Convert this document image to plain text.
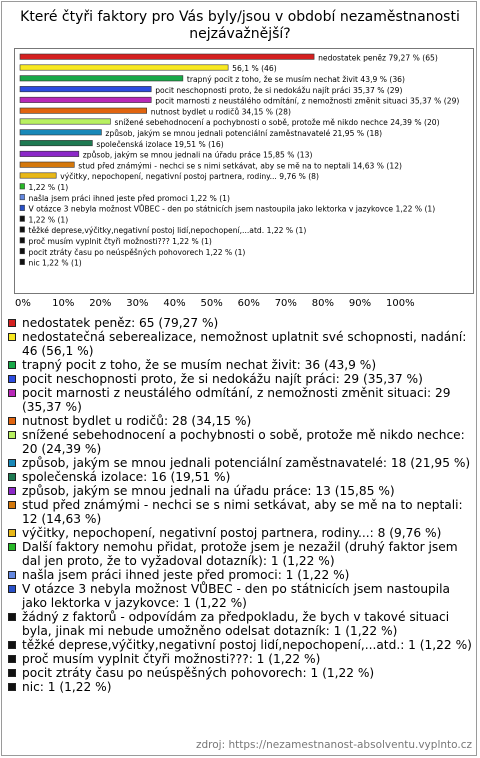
Které čtyři faktory pro Vás byly/jsou v období nezaměstnanosti nejzávažnější?
nedostatek peněz 79,27 % (65)
56,1 % (46)
trapný pocit z toho, že se musím nechat živit 43,9 % (36)
pocit neschopnosti proto, že si nedokážu najít práci 35,37 % (29)
pocit marnosti z neustálého odmítání, z nemožnosti změnit situaci 35,37 % (29)
nutnost bydlet u rodičů 34,15 % (28)
snížené sebehodnocení a pochybnosti o sobě, protože mě nikdo nechce 24,39 % (20)
způsob, jakým se mnou jednali potenciální zaměstnavatelé 21,95 % (18)
společenská izolace 19,51 % (16)
způsob, jakým se mnou jednali na úřadu práce 15,85 % (13)
stud před známými - nechci se s nimi setkávat, aby se mě na to neptali 14,63 % (12)
výčitky, nepochopení, negativní postoj partnera, rodiny... 9,76 % (8)
1,22 % (1)
našla jsem práci ihned jeste před promoci 1,22 % (1)
V otázce 3 nebyla možnost VŮBEC - den po státnicích jsem nastoupila jako lektorka v jazykovce 1,22 % (1)
1,22 % (1)
těžké deprese,výčitky,negativní postoj lidí,nepochopení,...atd. 1,22 % (1)
proč musím vyplnit čtyři možnosti??? 1,22 % (1)
pocit ztráty času po neúspěšných pohovorech 1,22 % (1)
nic 1,22 % (1)
nedostatek peněz: 65 (79,27 %)
nedostatečná seberealizace, nemožnost uplatnit své schopnosti, nadání: 46 (56,1 %)
trapný pocit z toho, že se musím nechat živit: 36 (43,9 %)
pocit neschopnosti proto, že si nedokážu najít práci: 29 (35,37 %)
pocit marnosti z neustálého odmítání, z nemožnosti změnit situaci: 29 (35,37 %)
nutnost bydlet u rodičů: 28 (34,15 %)
snížené sebehodnocení a pochybnosti o sobě, protože mě nikdo nechce: 20 (24,39 %)
způsob, jakým se mnou jednali potenciální zaměstnavatelé: 18 (21,95 %)
společenská izolace: 16 (19,51 %)
způsob, jakým se mnou jednali na úřadu práce: 13 (15,85 %)
stud před známými - nechci se s nimi setkávat, aby se mě na to neptali: 12 (14,63 %)
výčitky, nepochopení, negativní postoj partnera, rodiny...: 8 (9,76 %)
Další faktory nemohu přidat, protože jsem je nezažil (druhý faktor jsem dal jen proto, že to vyžadoval dotazník): 1 (1,22 %)
našla jsem práci ihned jeste před promoci: 1 (1,22 %)
V otázce 3 nebyla možnost VŮBEC - den po státnicích jsem nastoupila jako lektorka v jazykovce: 1 (1,22 %)
žádný z faktorů - odpovídám za předpokladu, že bych v takové situaci byla, jinak mi nebude umožněno odelsat dotazník: 1 (1,22 %)
těžké deprese,výčitky,negativní postoj lidí,nepochopení,...atd.: 1 (1,22 %)
proč musím vyplnit čtyři možnosti???: 1 (1,22 %)
pocit ztráty času po neúspěšných pohovorech: 1 (1,22 %)
nic: 1 (1,22 %)
zdroj: https://nezamestnanost-absolventu.vyplnto.cz
0% 10% 20% 30% 40% 50% 60% 70% 80% 90% 100%
